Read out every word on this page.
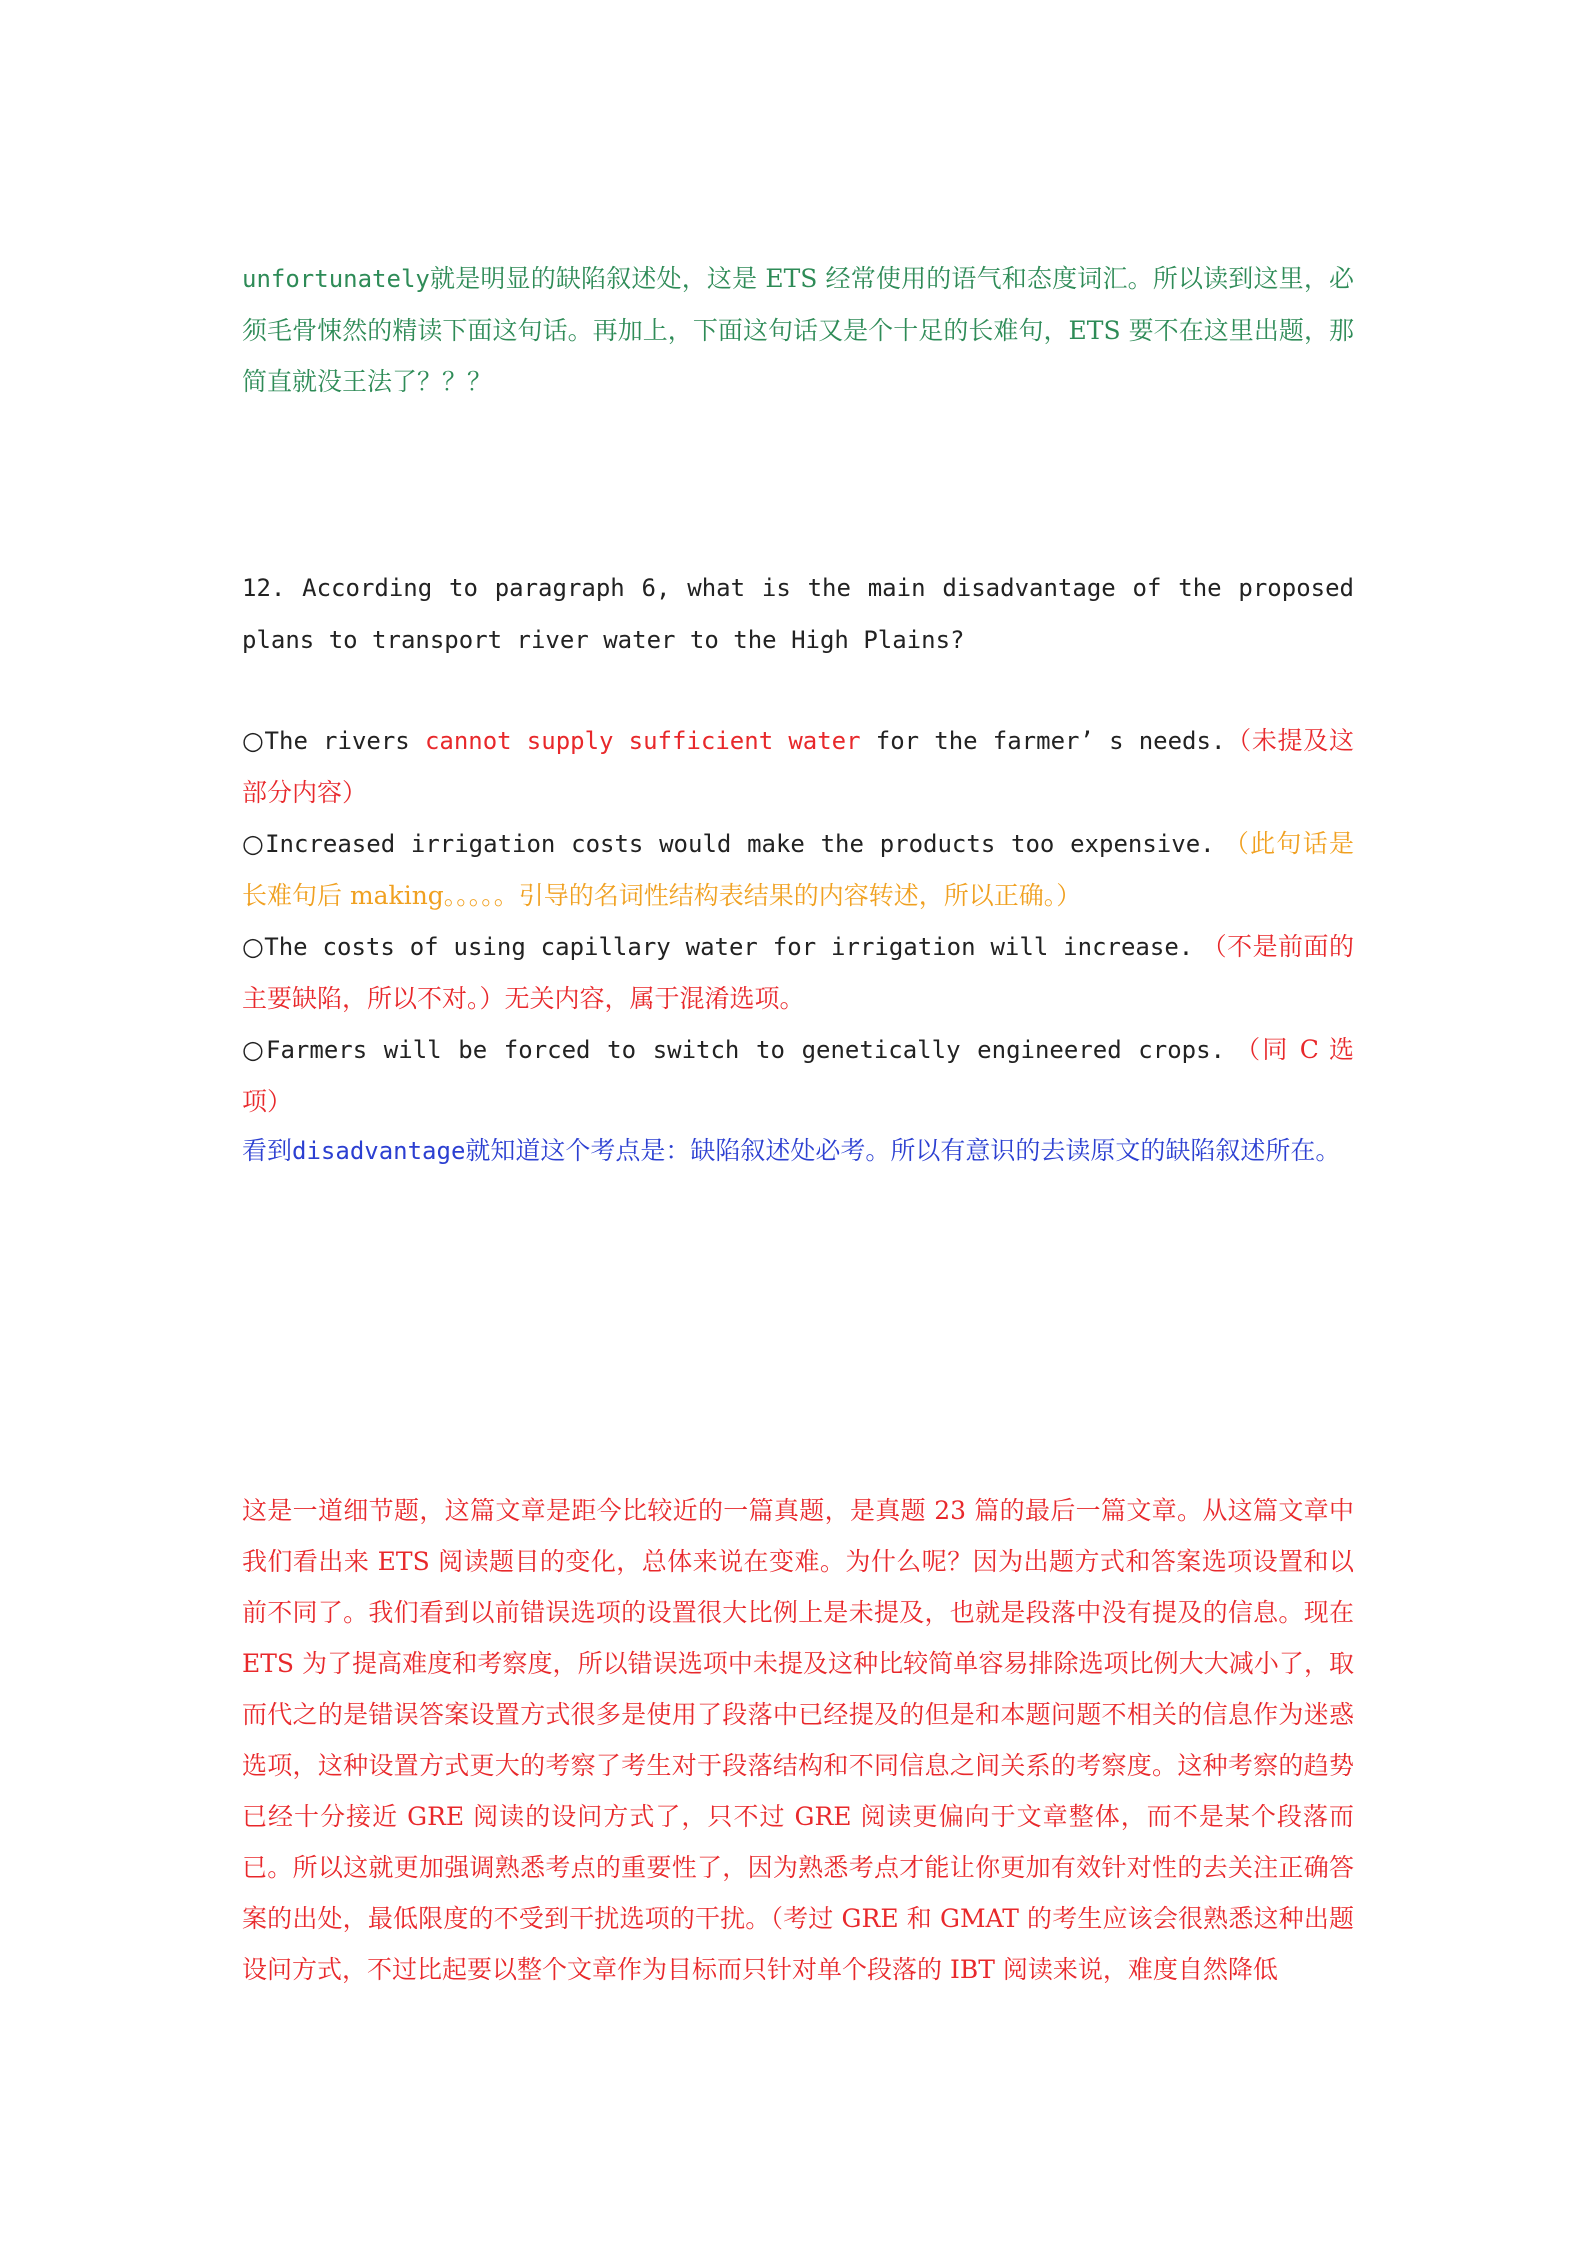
unfortunately就是明显的缺陷叙述处，这是 ETS 经常使用的语气和态度词汇。所以读到这里，必须毛骨悚然的精读下面这句话。再加上，下面这句话又是个十足的长难句，ETS 要不在这里出题，那简直就没王法了？？？

12. According to paragraph 6, what is the main disadvantage of the proposed plans to transport river water to the High Plains?

○The rivers cannot supply sufficient water for the farmer’ s needs.（未提及这部分内容）
○Increased irrigation costs would make the products too expensive. （此句话是长难句后 making。。。。。引导的名词性结构表结果的内容转述，所以正确。）
○The costs of using capillary water for irrigation will increase. （不是前面的主要缺陷，所以不对。）无关内容，属于混淆选项。
○Farmers will be forced to switch to genetically engineered crops. （同 C 选项）

看到disadvantage就知道这个考点是：缺陷叙述处必考。所以有意识的去读原文的缺陷叙述所在。

这是一道细节题，这篇文章是距今比较近的一篇真题，是真题 23 篇的最后一篇文章。从这篇文章中我们看出来 ETS 阅读题目的变化，总体来说在变难。为什么呢？因为出题方式和答案选项设置和以前不同了。我们看到以前错误选项的设置很大比例上是未提及，也就是段落中没有提及的信息。现在 ETS 为了提高难度和考察度，所以错误选项中未提及这种比较简单容易排除选项比例大大减小了，取而代之的是错误答案设置方式很多是使用了段落中已经提及的但是和本题问题不相关的信息作为迷惑选项，这种设置方式更大的考察了考生对于段落结构和不同信息之间关系的考察度。这种考察的趋势已经十分接近 GRE 阅读的设问方式了，只不过 GRE 阅读更偏向于文章整体，而不是某个段落而已。所以这就更加强调熟悉考点的重要性了，因为熟悉考点才能让你更加有效针对性的去关注正确答案的出处，最低限度的不受到干扰选项的干扰。（考过 GRE 和 GMAT 的考生应该会很熟悉这种出题设问方式，不过比起要以整个文章作为目标而只针对单个段落的 IBT 阅读来说，难度自然降低
